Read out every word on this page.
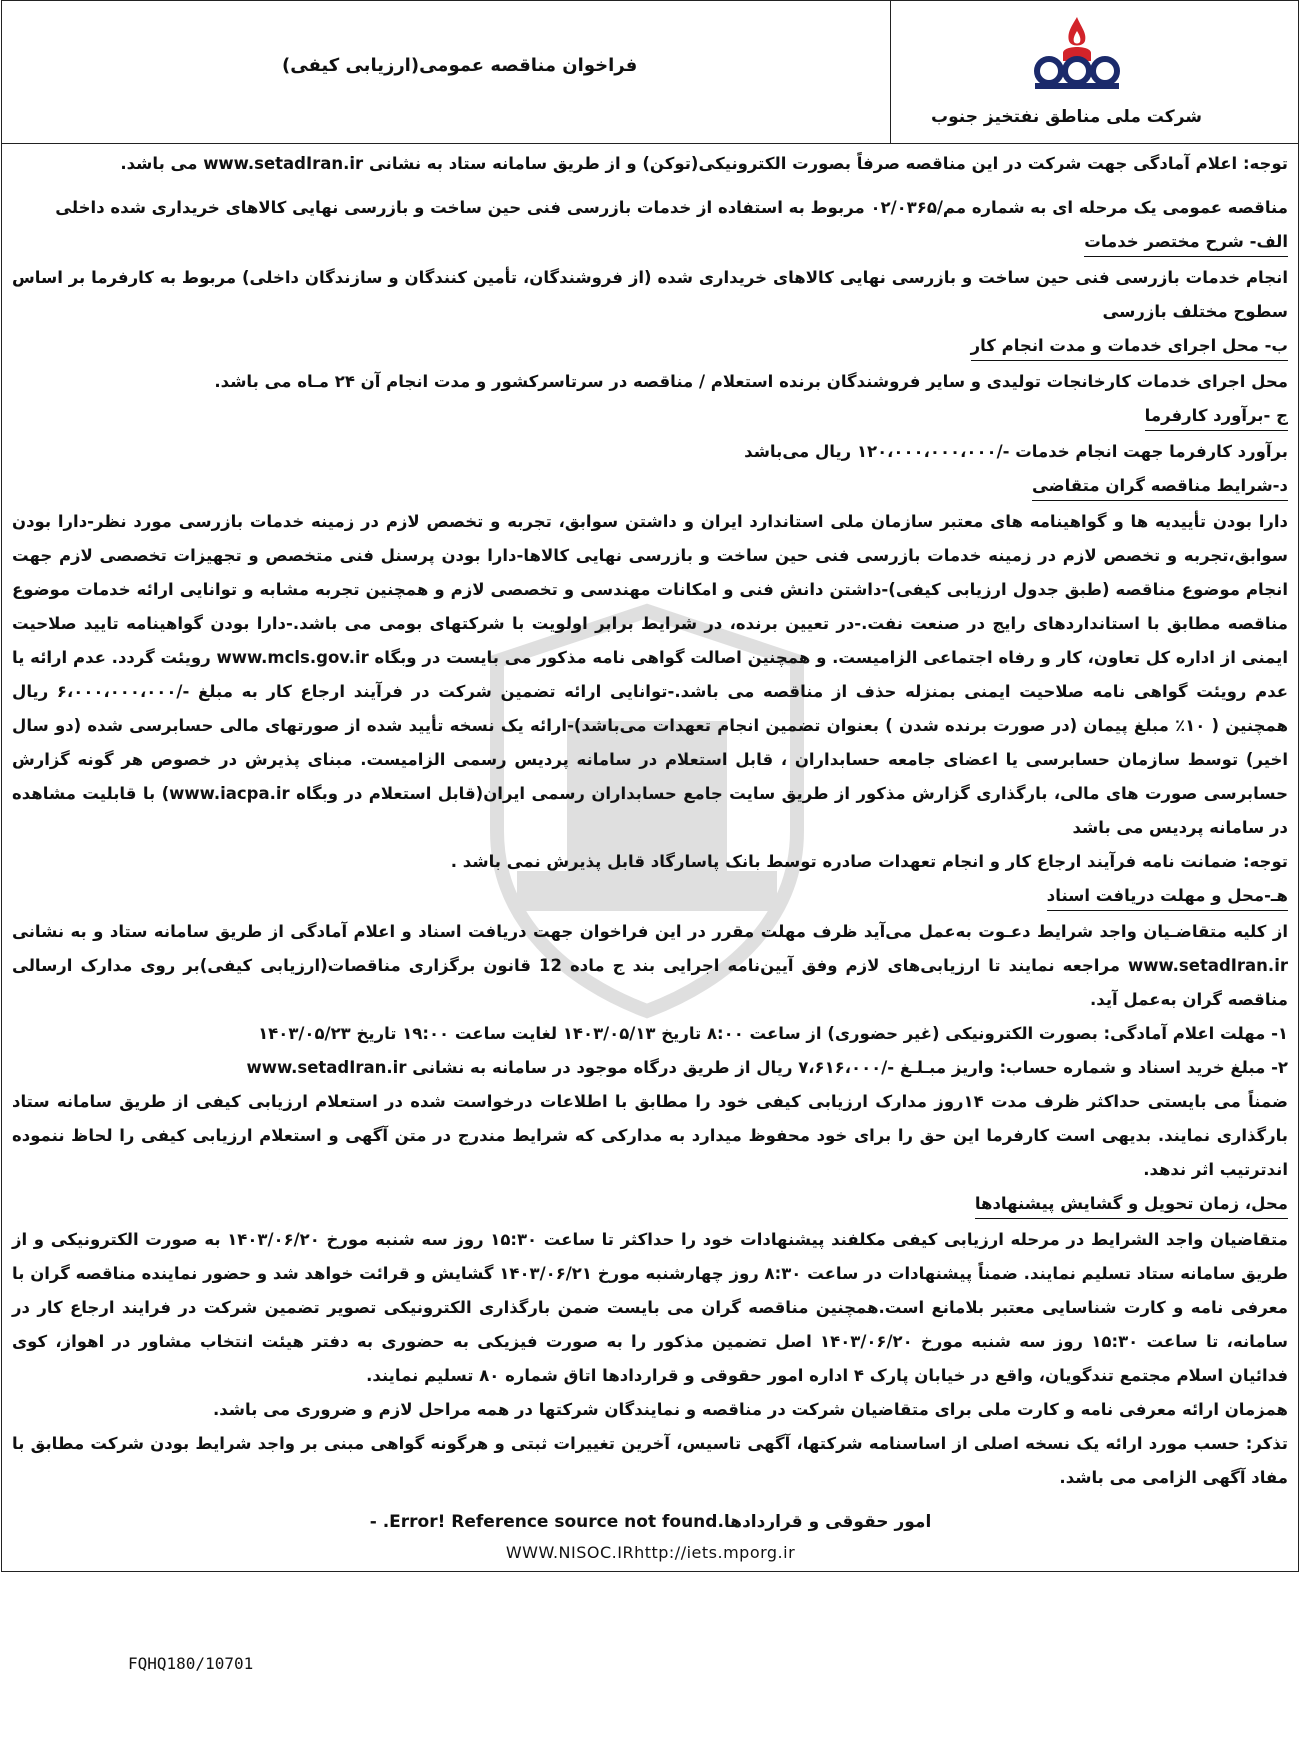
شرکت ملی مناطق نفتخیز جنوب
فراخوان مناقصه عمومی(ارزیابی کیفی)

توجه: اعلام آمادگی جهت شرکت در این مناقصه صرفاً بصورت الکترونیکی(توکن) و از طریق سامانه ستاد به نشانی www.setadIran.ir می باشد.

مناقصه عمومی یک مرحله ای به شماره مم/۰۲/۰۳۶۵ مربوط به استفاده از خدمات بازرسی فنی حین ساخت و بازرسی نهایی کالاهای خریداری شده داخلی

الف- شرح مختصر خدمات

انجام خدمات بازرسی فنی حین ساخت و بازرسی نهایی کالاهای خریداری شده (از فروشندگان، تأمین کنندگان و سازندگان داخلی) مربوط به کارفرما بر اساس سطوح مختلف بازرسی

ب- محل اجرای خدمات و مدت انجام کار

محل اجرای خدمات کارخانجات تولیدی و سایر فروشندگان برنده استعلام / مناقصه در سرتاسرکشور و مدت انجام آن ۲۴ مـاه می باشد.

ج -برآورد کارفرما

برآورد کارفرما جهت انجام خدمات -/۱۲۰،۰۰۰،۰۰۰،۰۰۰ ریال می‌باشد

د-شرایط مناقصه گران متقاضی

دارا بودن تأییدیه ها و گواهینامه های معتبر سازمان ملی استاندارد ایران و داشتن سوابق، تجربه و تخصص لازم در زمینه خدمات بازرسی مورد نظر-دارا بودن سوابق،تجربه و تخصص لازم در زمینه خدمات بازرسی فنی حین ساخت و بازرسی نهایی کالاها-دارا بودن پرسنل فنی متخصص و تجهیزات تخصصی لازم جهت انجام موضوع مناقصه (طبق جدول ارزیابی کیفی)-داشتن دانش فنی و امکانات مهندسی و تخصصی لازم و همچنین تجربه مشابه و توانایی ارائه خدمات موضوع مناقصه مطابق با استانداردهای رایج در صنعت نفت.-در تعیین برنده، در شرایط برابر اولویت با شرکتهای بومی می باشد.-دارا بودن گواهینامه تایید صلاحیت ایمنی از اداره کل تعاون، کار و رفاه اجتماعی الزامیست. و همچنین اصالت گواهی نامه مذکور می بایست در وبگاه www.mcls.gov.ir رویئت گردد. عدم ارائه یا عدم رویئت گواهی نامه صلاحیت ایمنی بمنزله حذف از مناقصه می باشد.-توانایی ارائه تضمین شرکت در فرآیند ارجاع کار به مبلغ -/۶،۰۰۰،۰۰۰،۰۰۰ ریال همچنین ( ۱۰٪ مبلغ پیمان (در صورت برنده شدن ) بعنوان تضمین انجام تعهدات می‌باشد)-ارائه یک نسخه تأیید شده از صورتهای مالی حسابرسی شده (دو سال اخیر) توسط سازمان حسابرسی یا اعضای جامعه حسابداران ، قابل استعلام در سامانه پردیس رسمی الزامیست. مبنای پذیرش در خصوص هر گونه گزارش حسابرسی صورت های مالی، بارگذاری گزارش مذکور از طریق سایت جامع حسابداران رسمی ایران(قابل استعلام در وبگاه www.iacpa.ir) با قابلیت مشاهده در سامانه پردیس می باشد

توجه: ضمانت نامه فرآیند ارجاع کار و انجام تعهدات صادره توسط بانک پاسارگاد قابل پذیرش نمی باشد .

هـ-محل و مهلت دریافت اسناد

از کلیه متقاضـیان واجد شرایط دعـوت به‌عمل می‌آید ظرف مهلت مقرر در این فراخوان جهت دریافت اسناد و اعلام آمادگی از طریق سامانه ستاد و به نشانی www.setadIran.ir مراجعه نمایند تا ارزیابی‌های لازم وفق آیین‌نامه اجرایی بند ج ماده 12 قانون برگزاری مناقصات(ارزیابی کیفی)بر روی مدارک ارسالی مناقصه گران به‌عمل آید.

۱- مهلت اعلام آمادگی: بصورت الکترونیکی (غیر حضوری) از ساعت ۸:۰۰ تاریخ ۱۴۰۳/۰۵/۱۳ لغایت ساعت ۱۹:۰۰ تاریخ ۱۴۰۳/۰۵/۲۳

۲- مبلغ خرید اسناد و شماره حساب: واریز مبـلـغ -/۷،۶۱۶،۰۰۰ ریال از طریق درگاه موجود در سامانه به نشانی www.setadIran.ir

ضمناً می بایستی حداکثر ظرف مدت ۱۴روز مدارک ارزیابی کیفی خود را مطابق با اطلاعات درخواست شده در استعلام ارزیابی کیفی از طریق سامانه ستاد بارگذاری نمایند. بدیهی است کارفرما این حق را برای خود محفوظ میدارد به مدارکی که شرایط مندرج در متن آگهی و استعلام ارزیابی کیفی را لحاظ ننموده اندترتیب اثر ندهد.

محل، زمان تحویل و گشایش پیشنهادها

متقاضیان واجد الشرایط در مرحله ارزیابی کیفی مکلفند پیشنهادات خود را حداکثر تا ساعت ۱۵:۳۰ روز سه شنبه مورخ ۱۴۰۳/۰۶/۲۰ به صورت الکترونیکی و از طریق سامانه ستاد تسلیم نمایند. ضمناً پیشنهادات در ساعت ۸:۳۰ روز چهارشنبه مورخ ۱۴۰۳/۰۶/۲۱ گشایش و قرائت خواهد شد و حضور نماینده مناقصه گران با معرفی نامه و کارت شناسایی معتبر بلامانع است.همچنین مناقصه گران می بایست ضمن بارگذاری الکترونیکی تصویر تضمین شرکت در فرایند ارجاع کار در سامانه، تا ساعت ۱۵:۳۰ روز سه شنبه مورخ ۱۴۰۳/۰۶/۲۰ اصل تضمین مذکور را به صورت فیزیکی به حضوری به دفتر هیئت انتخاب مشاور در اهواز، کوی فدائیان اسلام مجتمع تندگویان، واقع در خیابان پارک ۴ اداره امور حقوقی و قراردادها اتاق شماره ۸۰ تسلیم نمایند.

همزمان ارائه معرفی نامه و کارت ملی برای متقاضیان شرکت در مناقصه و نمایندگان شرکتها در همه مراحل لازم و ضروری می باشد.

تذکر: حسب مورد ارائه یک نسخه اصلی از اساسنامه شرکتها، آگهی تاسیس، آخرین تغییرات ثبتی و هرگونه گواهی مبنی بر واجد شرایط بودن شرکت مطابق با مفاد آگهی الزامی می باشد.

امور حقوقی و قراردادها.Error! Reference source not found. -
WWW.NISOC.IRhttp://iets.mporg.ir
FQHQ180/10701
